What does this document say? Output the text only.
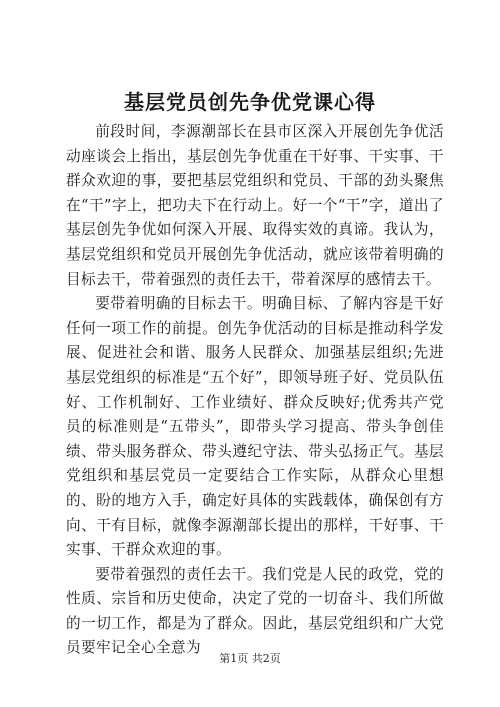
基层党员创先争优党课心得

前段时间，李源潮部长在县市区深入开展创先争优活动座谈会上指出，基层创先争优重在干好事、干实事、干群众欢迎的事，要把基层党组织和党员、干部的劲头聚焦在“干”字上，把功夫下在行动上。好一个“干”字，道出了基层创先争优如何深入开展、取得实效的真谛。我认为，基层党组织和党员开展创先争优活动，就应该带着明确的目标去干，带着强烈的责任去干，带着深厚的感情去干。

要带着明确的目标去干。明确目标、了解内容是干好任何一项工作的前提。创先争优活动的目标是推动科学发展、促进社会和谐、服务人民群众、加强基层组织;先进基层党组织的标准是“五个好”，即领导班子好、党员队伍好、工作机制好、工作业绩好、群众反映好;优秀共产党员的标准则是“五带头”，即带头学习提高、带头争创佳绩、带头服务群众、带头遵纪守法、带头弘扬正气。基层党组织和基层党员一定要结合工作实际，从群众心里想的、盼的地方入手，确定好具体的实践载体，确保创有方向、干有目标，就像李源潮部长提出的那样，干好事、干实事、干群众欢迎的事。

要带着强烈的责任去干。我们党是人民的政党，党的性质、宗旨和历史使命，决定了党的一切奋斗、我们所做的一切工作，都是为了群众。因此，基层党组织和广大党员要牢记全心全意为

第1页 共2页
